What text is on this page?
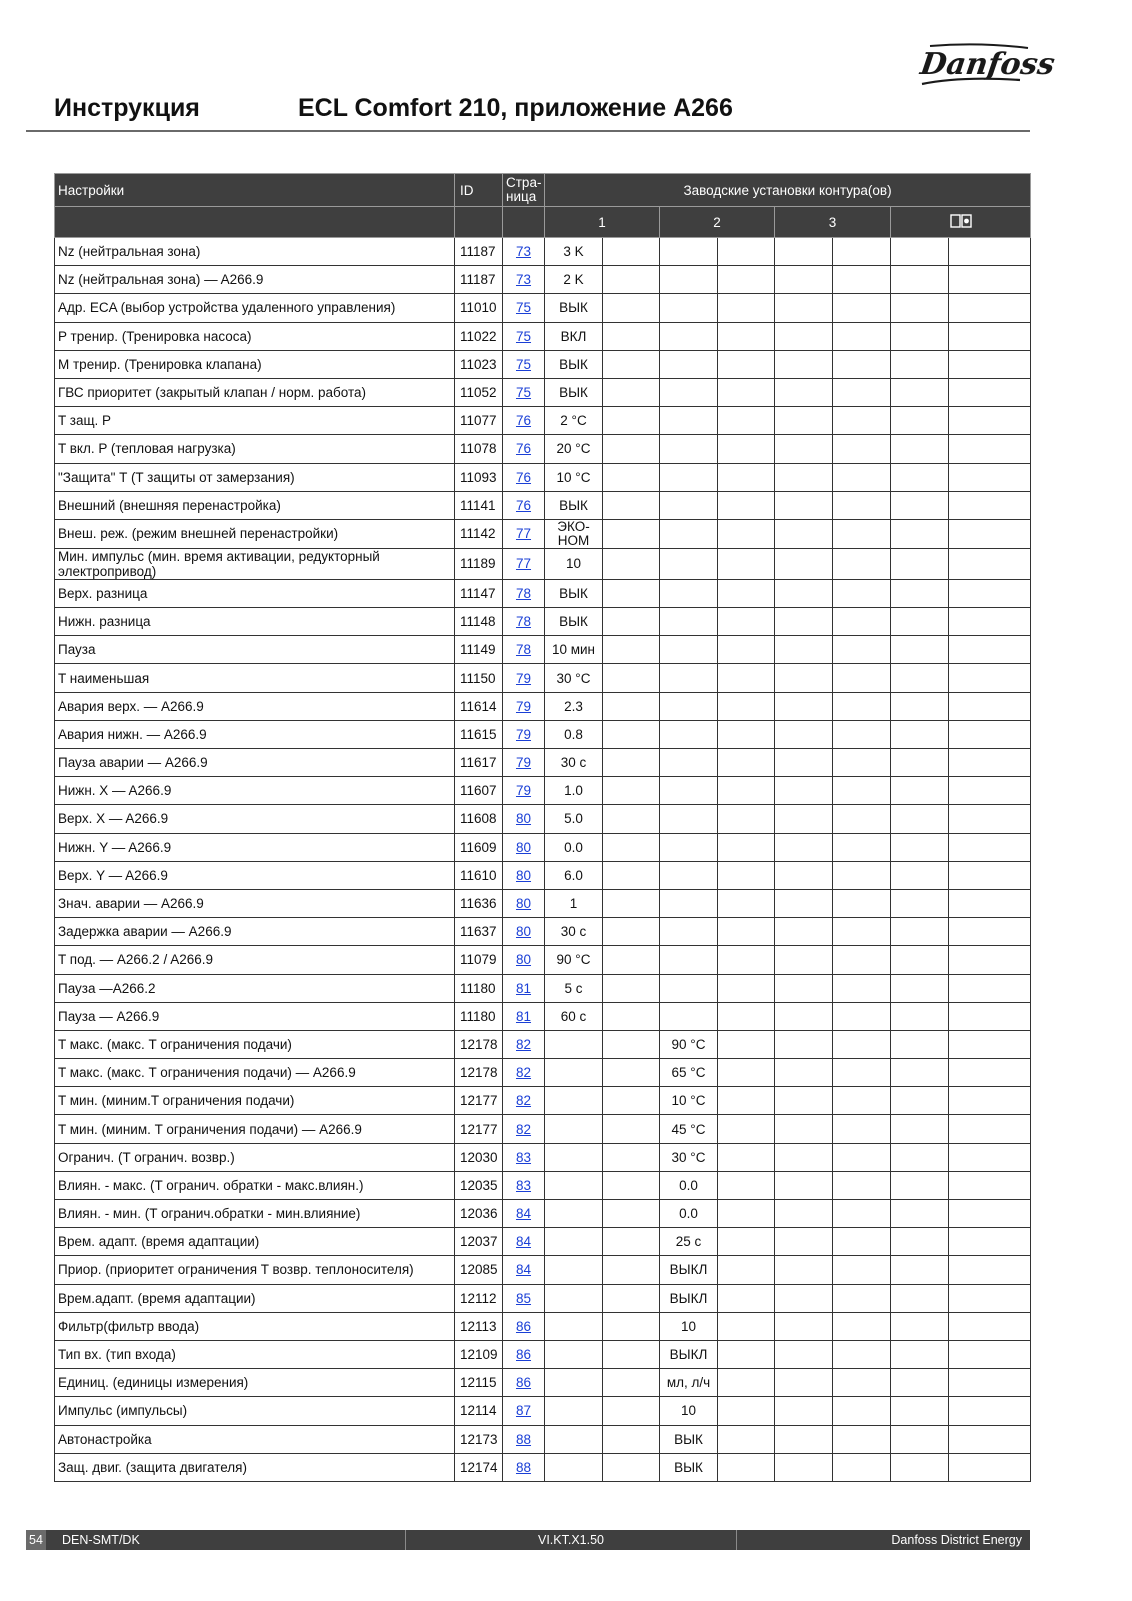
Danfoss
Инструкция	ECL Comfort 210, приложение A266
Настройки	ID	Стра-ница	Заводские установки контура(ов)							
			1		2		3	
Nz (нейтральная зона)	11187	73	3 K							
Nz (нейтральная зона) — A266.9	11187	73	2 K							
Адр. ECA (выбор устройства удаленного управления)	11010	75	ВЫК							
P тренир. (Тренировка насоса)	11022	75	ВКЛ							
M тренир. (Тренировка клапана)	11023	75	ВЫК							
ГВС приоритет (закрытый клапан / норм. работа)	11052	75	ВЫК							
T защ. P	11077	76	2 °C							
T вкл. P (тепловая нагрузка)	11078	76	20 °C							
"Защита" T (T защиты от замерзания)	11093	76	10 °C							
Внешний (внешняя перенастройка)	11141	76	ВЫК							
Внеш. реж. (режим внешней перенастройки)	11142	77	ЭКО-НОМ							
Мин. импульс (мин. время активации, редукторный электропривод)	11189	77	10							
Верх. разница	11147	78	ВЫК							
Нижн. разница	11148	78	ВЫК							
Пауза	11149	78	10 мин							
T наименьшая	11150	79	30 °C							
Авария верх. — A266.9	11614	79	2.3							
Авария нижн. — A266.9	11615	79	0.8							
Пауза аварии — A266.9	11617	79	30 с							
Нижн. X — A266.9	11607	79	1.0							
Верх. X — A266.9	11608	80	5.0							
Нижн. Y — A266.9	11609	80	0.0							
Верх. Y — A266.9	11610	80	6.0							
Знач. аварии — A266.9	11636	80	1							
Задержка аварии — A266.9	11637	80	30 с							
T под. — A266.2 / A266.9	11079	80	90 °C							
Пауза —A266.2	11180	81	5 с							
Пауза — A266.9	11180	81	60 с							
T макс. (макс. T ограничения подачи)	12178	82			90 °C					
T макс. (макс. T ограничения подачи) — A266.9	12178	82			65 °C					
T мин. (миним.T ограничения подачи)	12177	82			10 °C					
T мин. (миним. T ограничения подачи) — A266.9	12177	82			45 °C					
Огранич. (T огранич. возвр.)	12030	83			30 °C					
Влиян. - макс. (T огранич. обратки - макс.влиян.)	12035	83			0.0					
Влиян. - мин. (T огранич.обратки - мин.влияние)	12036	84			0.0					
Врем. адапт. (время адаптации)	12037	84			25 с					
Приор. (приоритет ограничения T возвр. теплоносителя)	12085	84			ВЫКЛ					
Врем.адапт. (время адаптации)	12112	85			ВЫКЛ					
Фильтр(фильтр ввода)	12113	86			10					
Тип вх. (тип входа)	12109	86			ВЫКЛ					
Единиц. (единицы измерения)	12115	86			мл, л/ч					
Импульс (импульсы)	12114	87			10					
Автонастройка	12173	88			ВЫК					
Защ. двиг. (защита двигателя)	12174	88			ВЫК					
54	DEN-SMT/DK	VI.KT.X1.50	Danfoss District Energy
